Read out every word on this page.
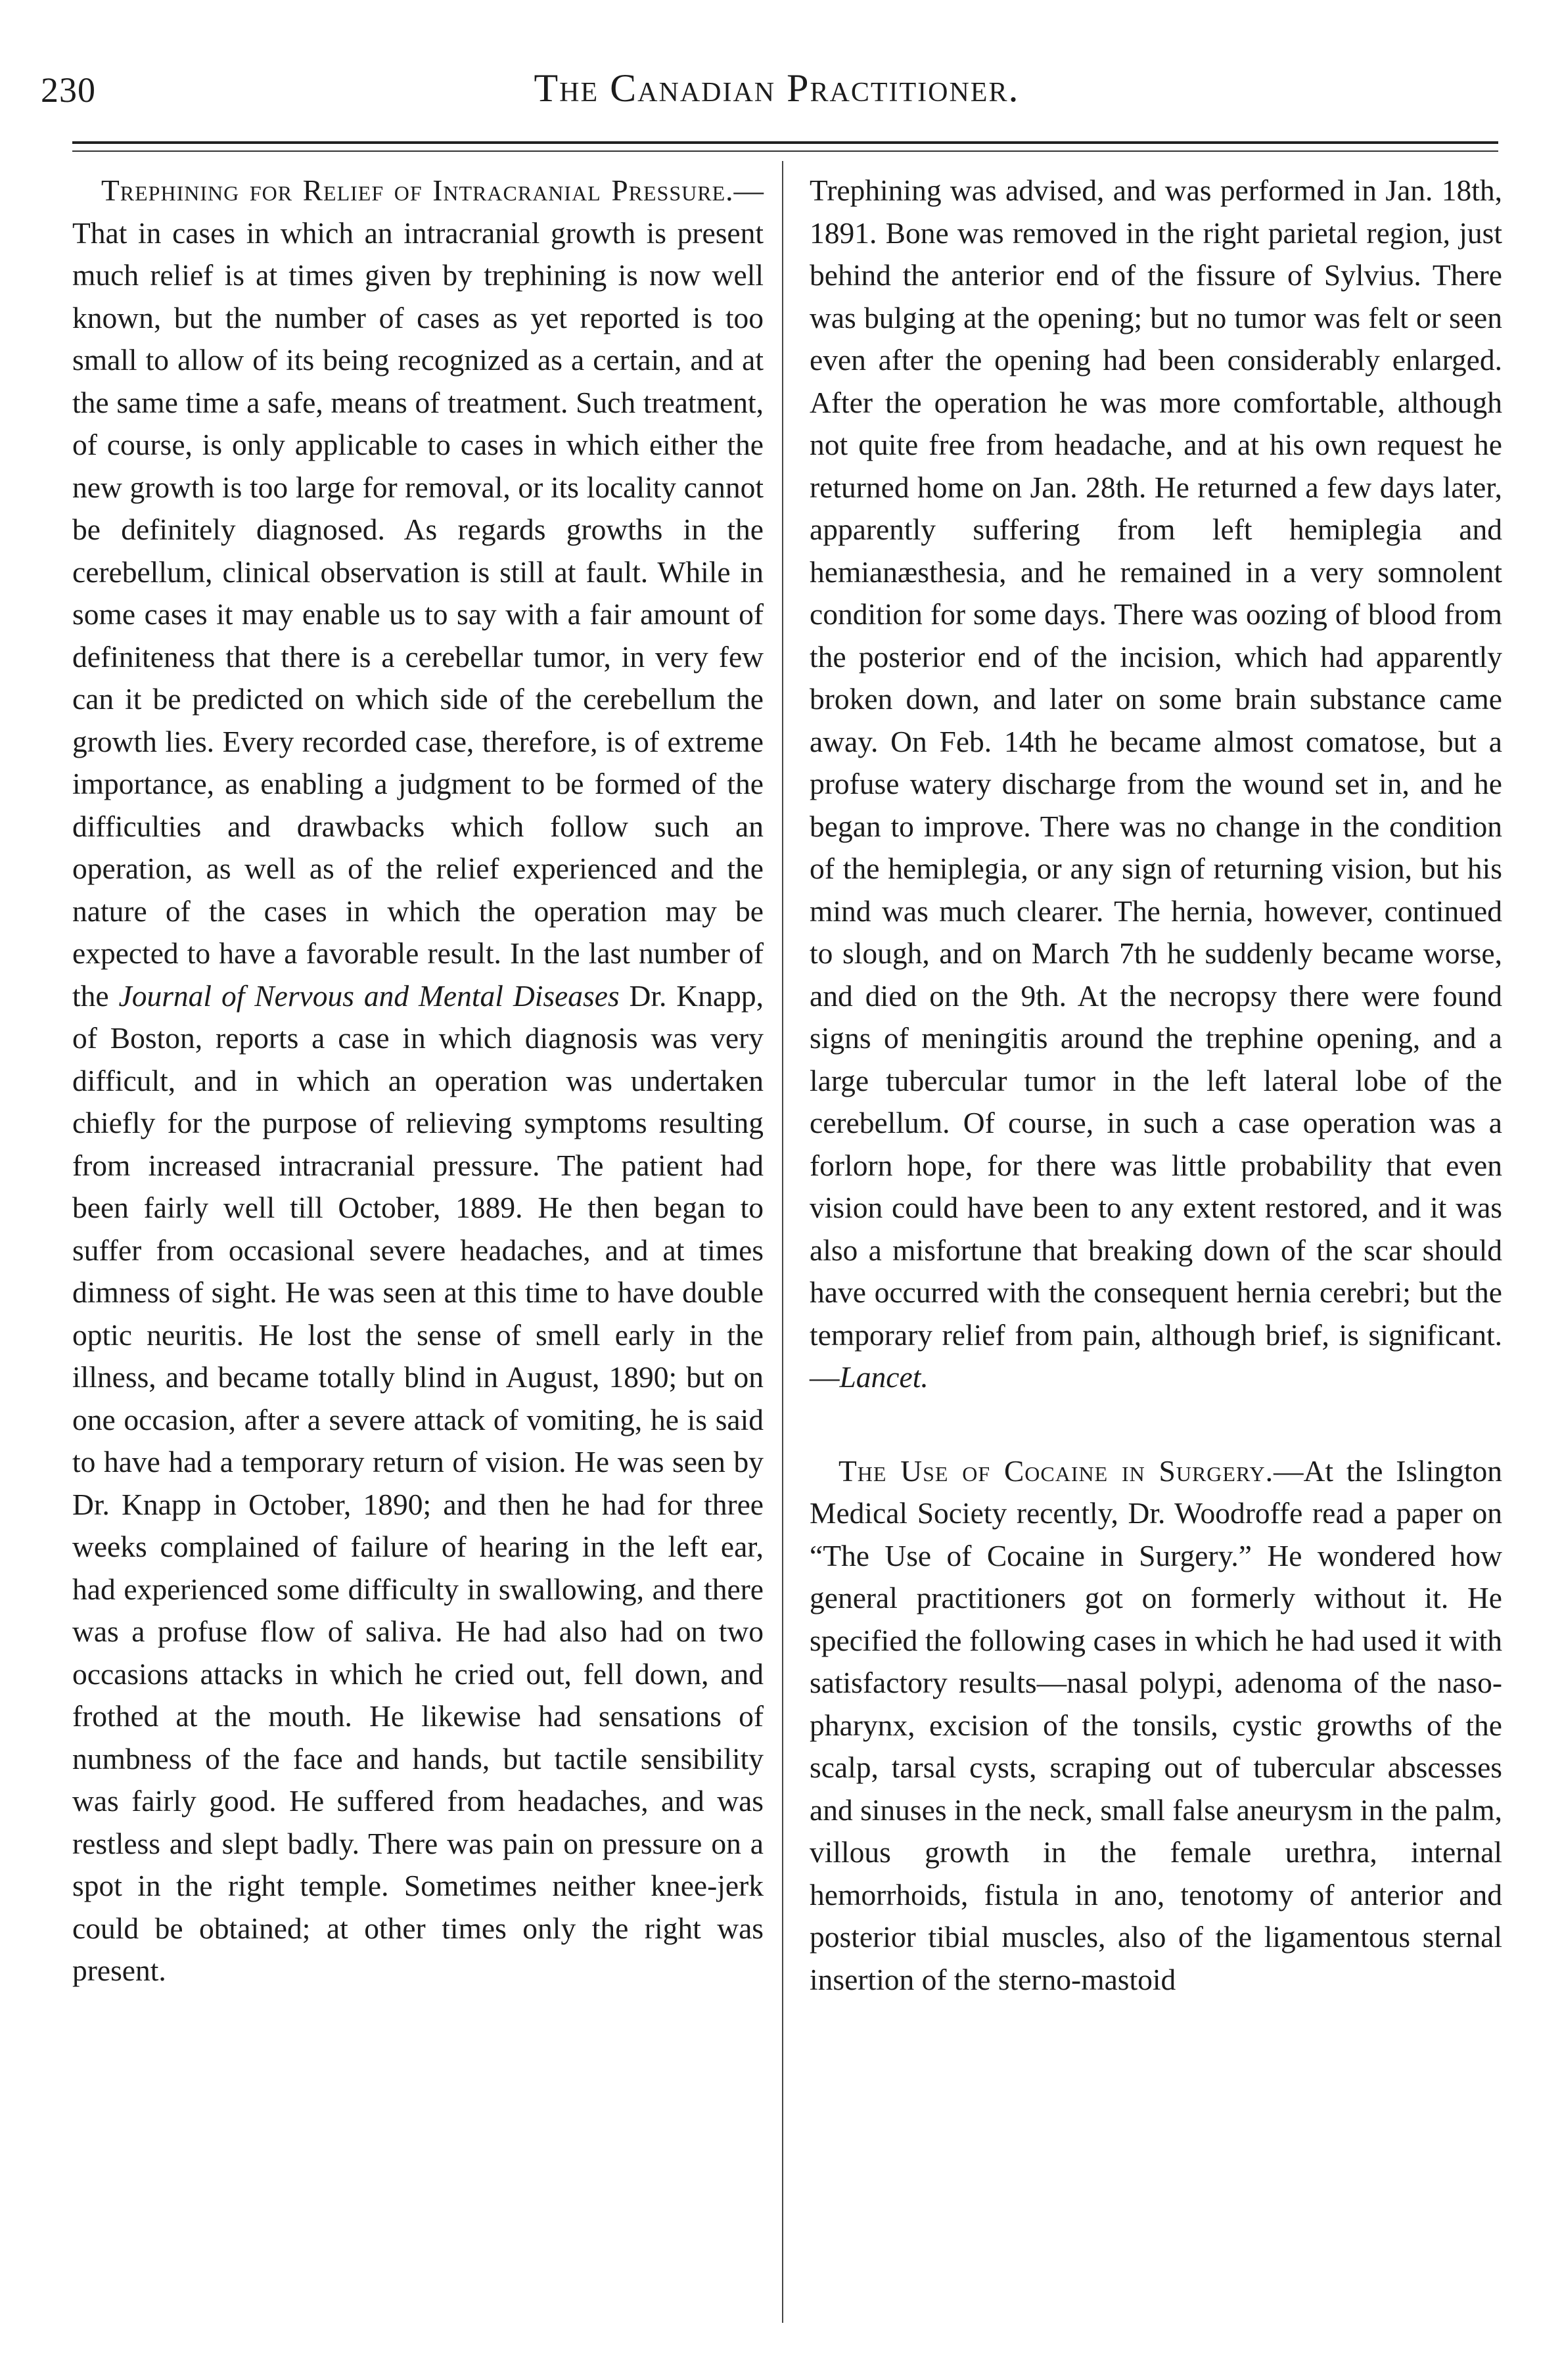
230	The Canadian Practitioner.

Trephining for Relief of Intracranial Pressure.—That in cases in which an intracranial growth is present much relief is at times given by trephining is now well known, but the number of cases as yet reported is too small to allow of its being recognized as a certain, and at the same time a safe, means of treatment. Such treatment, of course, is only applicable to cases in which either the new growth is too large for removal, or its locality cannot be definitely diagnosed. As regards growths in the cerebellum, clinical observation is still at fault. While in some cases it may enable us to say with a fair amount of definiteness that there is a cerebellar tumor, in very few can it be predicted on which side of the cerebellum the growth lies. Every recorded case, therefore, is of extreme importance, as enabling a judgment to be formed of the difficulties and drawbacks which follow such an operation, as well as of the relief experienced and the nature of the cases in which the operation may be expected to have a favorable result. In the last number of the Journal of Nervous and Mental Diseases Dr. Knapp, of Boston, reports a case in which diagnosis was very difficult, and in which an operation was undertaken chiefly for the purpose of relieving symptoms resulting from increased intracranial pressure. The patient had been fairly well till October, 1889. He then began to suffer from occasional severe headaches, and at times dimness of sight. He was seen at this time to have double optic neuritis. He lost the sense of smell early in the illness, and became totally blind in August, 1890; but on one occasion, after a severe attack of vomiting, he is said to have had a temporary return of vision. He was seen by Dr. Knapp in October, 1890; and then he had for three weeks complained of failure of hearing in the left ear, had experienced some difficulty in swallowing, and there was a profuse flow of saliva. He had also had on two occasions attacks in which he cried out, fell down, and frothed at the mouth. He likewise had sensations of numbness of the face and hands, but tactile sensibility was fairly good. He suffered from headaches, and was restless and slept badly. There was pain on pressure on a spot in the right temple. Sometimes neither knee-jerk could be obtained; at other times only the right was present.

Trephining was advised, and was performed in Jan. 18th, 1891. Bone was removed in the right parietal region, just behind the anterior end of the fissure of Sylvius. There was bulging at the opening; but no tumor was felt or seen even after the opening had been considerably enlarged. After the operation he was more comfortable, although not quite free from headache, and at his own request he returned home on Jan. 28th. He returned a few days later, apparently suffering from left hemiplegia and hemianæsthesia, and he remained in a very somnolent condition for some days. There was oozing of blood from the posterior end of the incision, which had apparently broken down, and later on some brain substance came away. On Feb. 14th he became almost comatose, but a profuse watery discharge from the wound set in, and he began to improve. There was no change in the condition of the hemiplegia, or any sign of returning vision, but his mind was much clearer. The hernia, however, continued to slough, and on March 7th he suddenly became worse, and died on the 9th. At the necropsy there were found signs of meningitis around the trephine opening, and a large tubercular tumor in the left lateral lobe of the cerebellum. Of course, in such a case operation was a forlorn hope, for there was little probability that even vision could have been to any extent restored, and it was also a misfortune that breaking down of the scar should have occurred with the consequent hernia cerebri; but the temporary relief from pain, although brief, is significant.—Lancet.

The Use of Cocaine in Surgery.—At the Islington Medical Society recently, Dr. Woodroffe read a paper on “The Use of Cocaine in Surgery.” He wondered how general practitioners got on formerly without it. He specified the following cases in which he had used it with satisfactory results—nasal polypi, adenoma of the naso-pharynx, excision of the tonsils, cystic growths of the scalp, tarsal cysts, scraping out of tubercular abscesses and sinuses in the neck, small false aneurysm in the palm, villous growth in the female urethra, internal hemorrhoids, fistula in ano, tenotomy of anterior and posterior tibial muscles, also of the ligamentous sternal insertion of the sterno-mastoid
